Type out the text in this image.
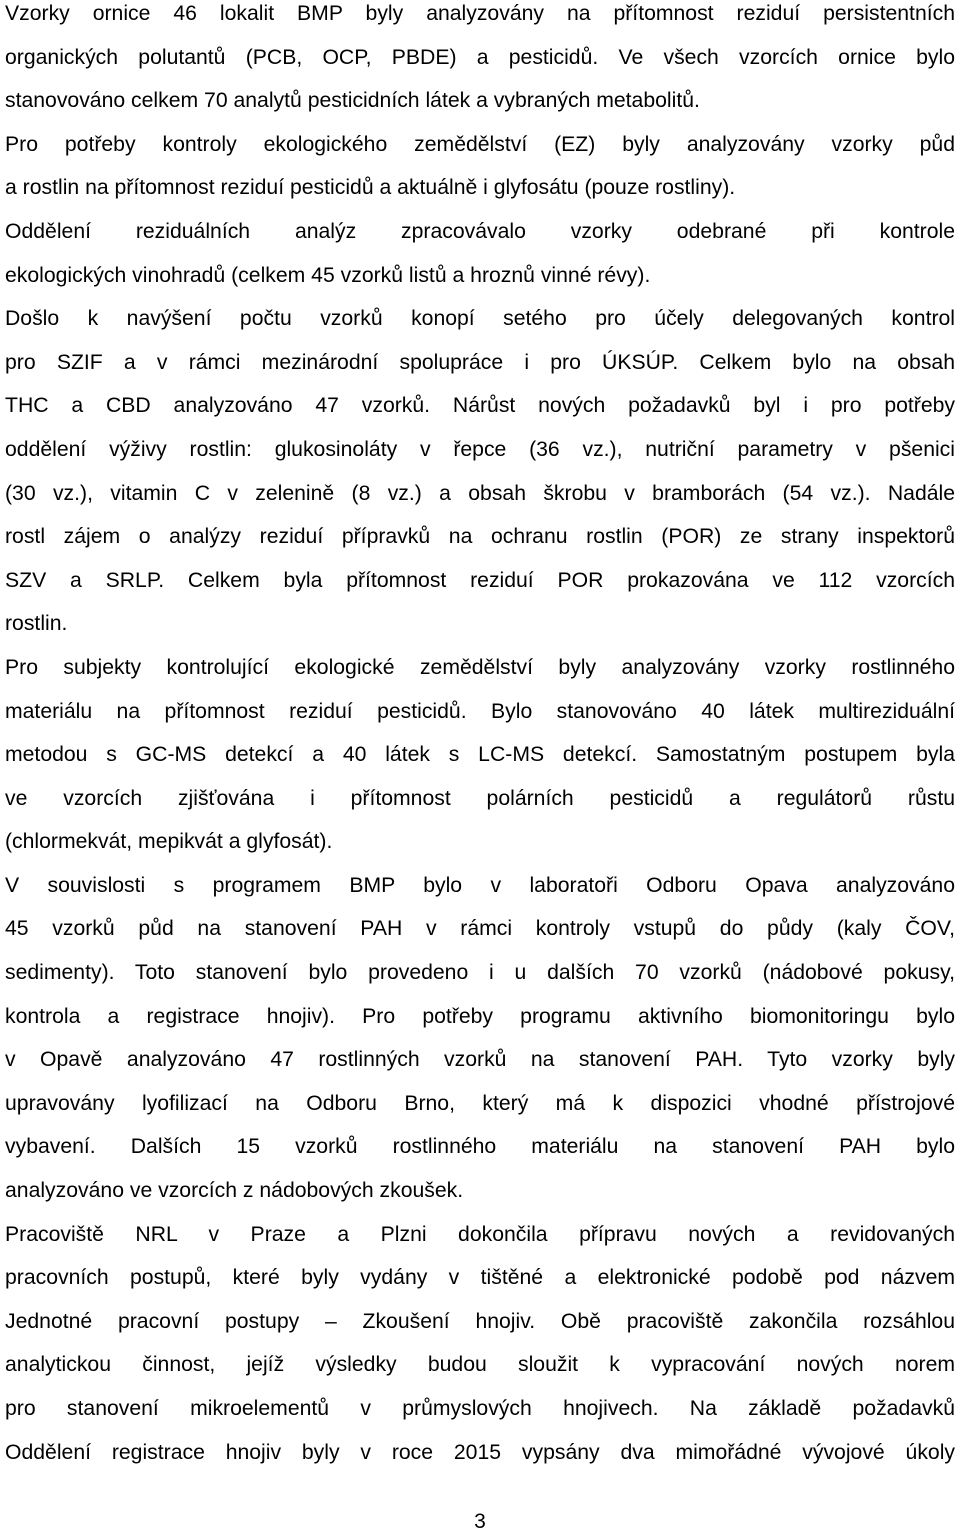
Vzorky ornice 46 lokalit BMP byly analyzovány na přítomnost reziduí persistentních
organických polutantů (PCB, OCP, PBDE) a pesticidů. Ve všech vzorcích ornice bylo
stanovováno celkem 70 analytů pesticidních látek a vybraných metabolitů.
Pro potřeby kontroly ekologického zemědělství (EZ) byly analyzovány vzorky půd
a rostlin na přítomnost reziduí pesticidů a aktuálně i glyfosátu (pouze rostliny).
Oddělení reziduálních analýz zpracovávalo vzorky odebrané při kontrole
ekologických vinohradů (celkem 45 vzorků listů a hroznů vinné révy).
Došlo k navýšení počtu vzorků konopí setého pro účely delegovaných kontrol
pro SZIF a v rámci mezinárodní spolupráce i pro ÚKSÚP. Celkem bylo na obsah
THC a CBD analyzováno 47 vzorků. Nárůst nových požadavků byl i pro potřeby
oddělení výživy rostlin: glukosinoláty v řepce (36 vz.), nutriční parametry v pšenici
(30 vz.), vitamin C v zelenině (8 vz.) a obsah škrobu v bramborách (54 vz.). Nadále
rostl zájem o analýzy reziduí přípravků na ochranu rostlin (POR) ze strany inspektorů
SZV a SRLP. Celkem byla přítomnost reziduí POR prokazována ve 112 vzorcích
rostlin.

Pro subjekty kontrolující ekologické zemědělství byly analyzovány vzorky rostlinného
materiálu na přítomnost reziduí pesticidů. Bylo stanovováno 40 látek multireziduální
metodou s GC-MS detekcí a 40 látek s LC-MS detekcí. Samostatným postupem byla
ve vzorcích zjišťována i přítomnost polárních pesticidů a regulátorů růstu
(chlormekvát, mepikvát a glyfosát).

V souvislosti s programem BMP bylo v laboratoři Odboru Opava analyzováno
45 vzorků půd na stanovení PAH v rámci kontroly vstupů do půdy (kaly ČOV,
sedimenty). Toto stanovení bylo provedeno i u dalších 70 vzorků (nádobové pokusy,
kontrola a registrace hnojiv). Pro potřeby programu aktivního biomonitoringu bylo
v Opavě analyzováno 47 rostlinných vzorků na stanovení PAH. Tyto vzorky byly
upravovány lyofilizací na Odboru Brno, který má k dispozici vhodné přístrojové
vybavení. Dalších 15 vzorků rostlinného materiálu na stanovení PAH bylo
analyzováno ve vzorcích z nádobových zkoušek.

Pracoviště NRL v Praze a Plzni dokončila přípravu nových a revidovaných
pracovních postupů, které byly vydány v tištěné a elektronické podobě pod názvem
Jednotné pracovní postupy – Zkoušení hnojiv. Obě pracoviště zakončila rozsáhlou
analytickou činnost, jejíž výsledky budou sloužit k vypracování nových norem
pro stanovení mikroelementů v průmyslových hnojivech. Na základě požadavků
Oddělení registrace hnojiv byly v roce 2015 vypsány dva mimořádné vývojové úkoly

3
